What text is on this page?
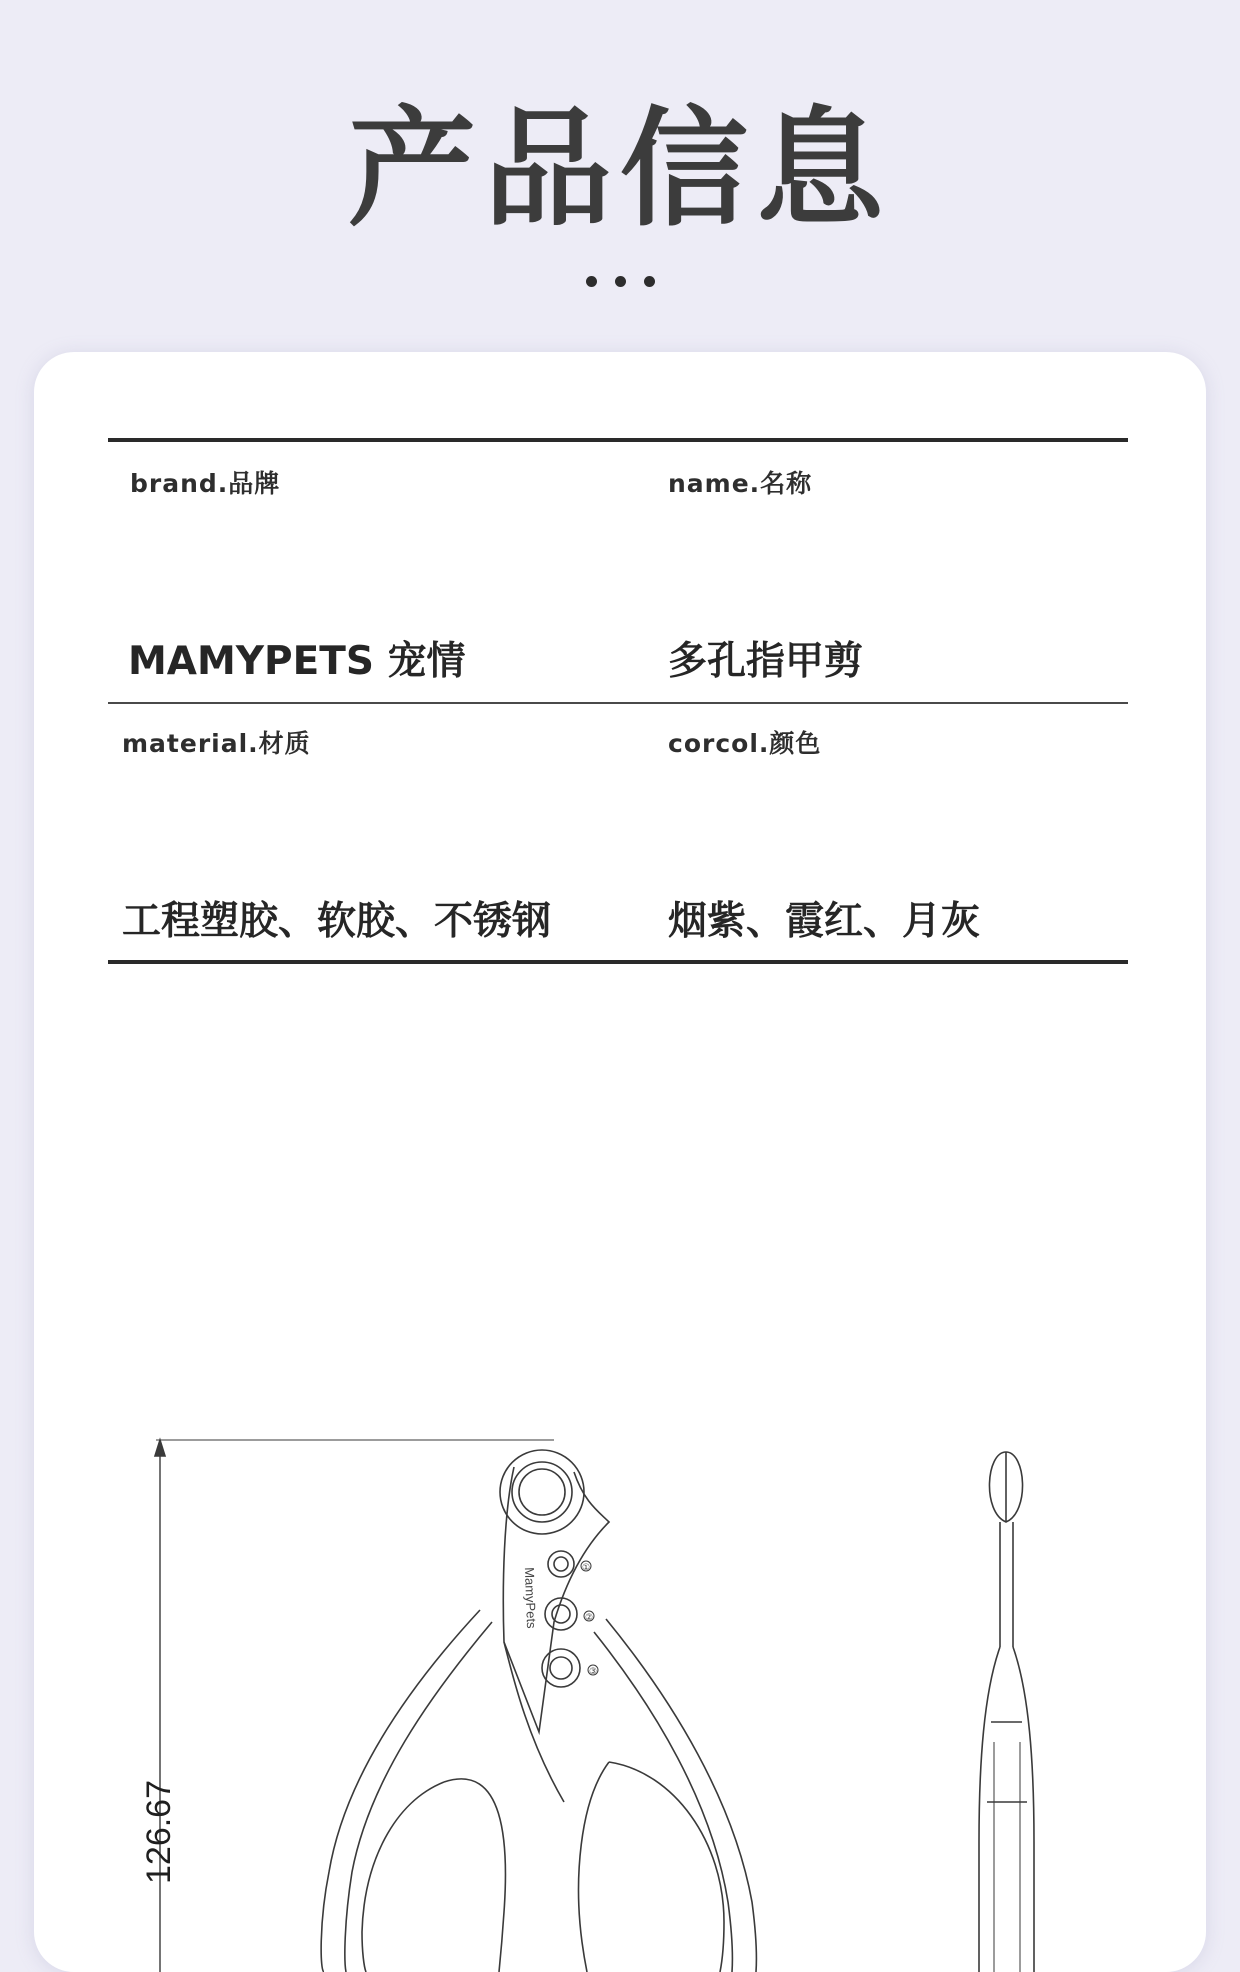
产品信息
brand.品牌	name.名称
MAMYPETS 宠情	多孔指甲剪
material.材质	corcol.颜色
工程塑胶、软胶、不锈钢	烟紫、霞红、月灰
126.67
MamyPets	①
②
③
